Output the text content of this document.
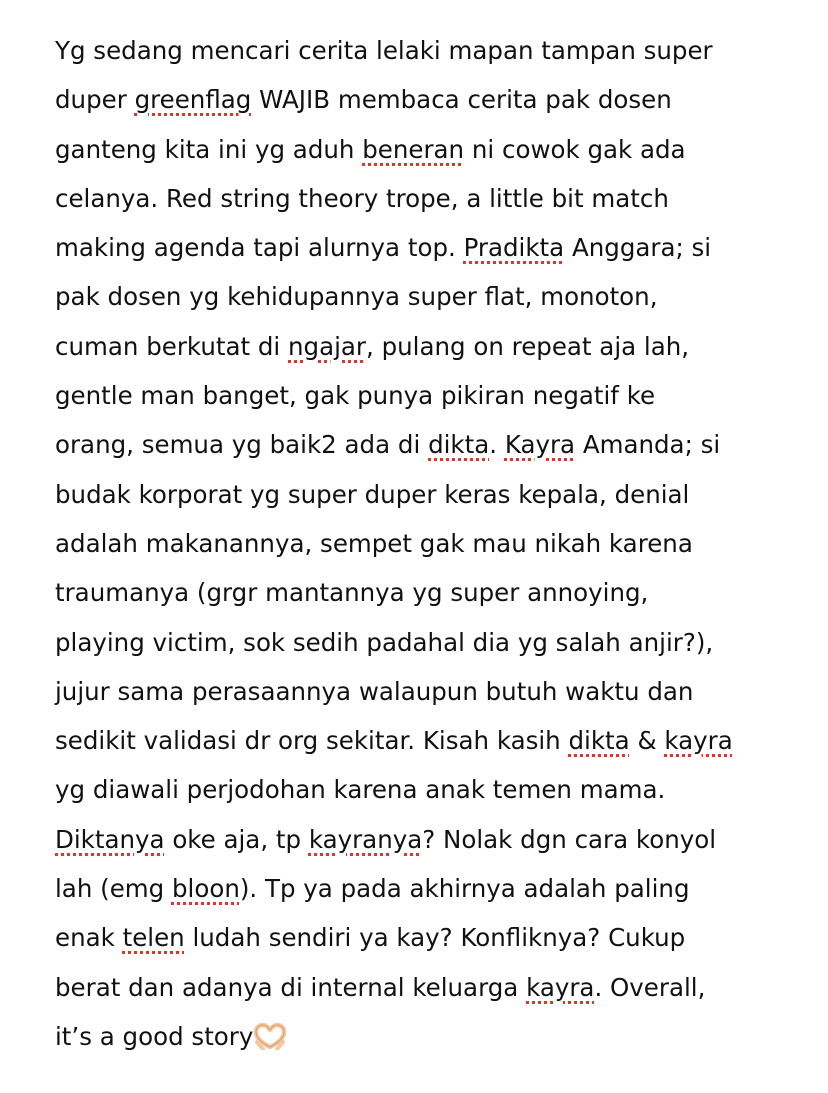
Yg sedang mencari cerita lelaki mapan tampan super
duper greenflag WAJIB membaca cerita pak dosen
ganteng kita ini yg aduh beneran ni cowok gak ada
celanya. Red string theory trope, a little bit match
making agenda tapi alurnya top. Pradikta Anggara; si
pak dosen yg kehidupannya super flat, monoton,
cuman berkutat di ngajar, pulang on repeat aja lah,
gentle man banget, gak punya pikiran negatif ke
orang, semua yg baik2 ada di dikta. Kayra Amanda; si
budak korporat yg super duper keras kepala, denial
adalah makanannya, sempet gak mau nikah karena
traumanya (grgr mantannya yg super annoying,
playing victim, sok sedih padahal dia yg salah anjir?),
jujur sama perasaannya walaupun butuh waktu dan
sedikit validasi dr org sekitar. Kisah kasih dikta & kayra
yg diawali perjodohan karena anak temen mama.
Diktanya oke aja, tp kayranya? Nolak dgn cara konyol
lah (emg bloon). Tp ya pada akhirnya adalah paling
enak telen ludah sendiri ya kay? Konfliknya? Cukup
berat dan adanya di internal keluarga kayra. Overall,
it’s a good story
